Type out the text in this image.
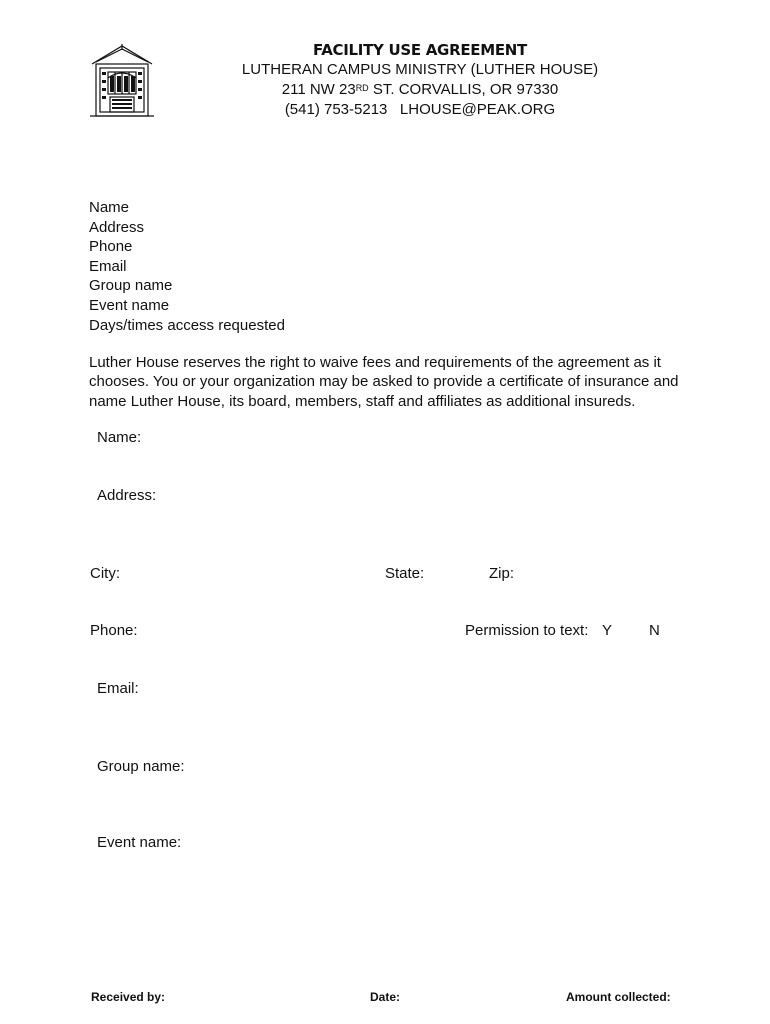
FACILITY USE AGREEMENT
LUTHERAN CAMPUS MINISTRY (LUTHER HOUSE)
211 NW 23RD ST. CORVALLIS, OR 97330
(541) 753-5213   LHOUSE@PEAK.ORG
Name
Address
Phone
Email
Group name
Event name
Days/times access requested
Luther House reserves the right to waive fees and requirements of the agreement as it chooses. You or your organization may be asked to provide a certificate of insurance and name Luther House, its board, members, staff and affiliates as additional insureds.
Name:
Address:
City:	State:	Zip:
Phone:	Permission to text: Y N
Email:
Group name:
Event name:
Received by:	Date:	Amount collected:
